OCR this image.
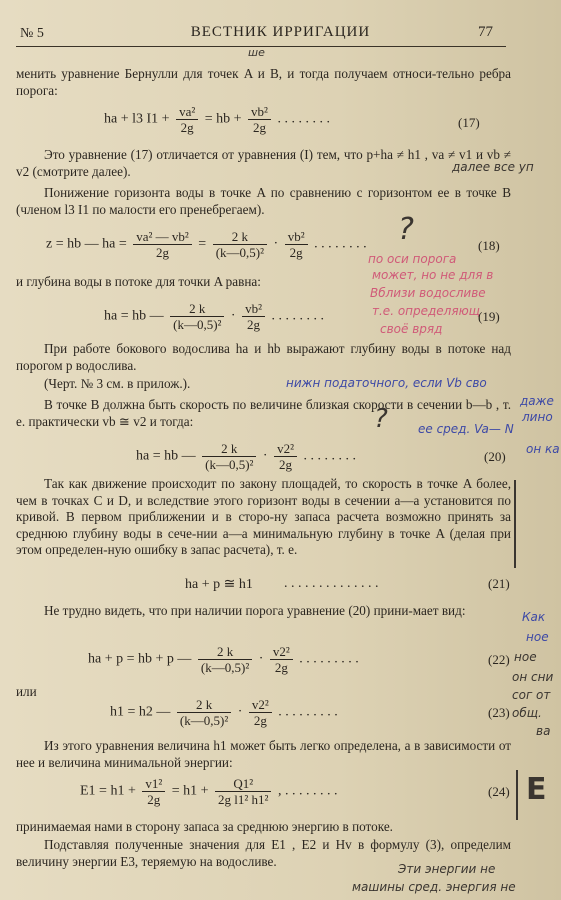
№ 5	ВЕСТНИК ИРРИГАЦИИ	77
ше
менить уравнение Бернулли для точек A и B, и тогда получаем относи-тельно ребра порога:
ha + l3 $I1 + \frac{\text{va²}}{2g}$ = hb + $\frac{\text{vb²}}{2g}$ . . . . . . . .	(17)
Это уравнение (17) отличается от уравнения (I) тем, что p+ha ≠ h1 , va ≠ v1 и vb ≠ v2 (смотрите далее).	далее все уп
Понижение горизонта воды в точке A по сравнению с горизонтом ее в точке B (членом l3 I1 по малости его пренебрегаем).
z = hb — ha = $\frac{\text{va² — vb²}}{2g} = \frac{2 k}{\text{(k—0,5)²}} \cdot \frac{\text{vb²}}{2g}$ . . . . . . . .	(18)
?
по оси порога
может, но не для в
Вблизи водосливе
т.е. определяющ
своё вряд
и глубина воды в потоке для точки A равна:
ha = hb — $\frac{2 k}{\text{(k—0,5)²}} \cdot \frac{\text{vb²}}{2g}$ . . . . . . . .	(19)
При работе бокового водослива ha и hb выражают глубину воды в потоке над порогом p водослива.
(Черт. № 3 см. в прилож.).	нижн податочного, если Vb сво
даже
лино
В точке B должна быть скорость по величине близкая скорости в сечении b—b , т. е. практически vb ≅ v2 и тогда:	?	ее сред. Va— N
он ка
ha = hb — $\frac{2 k}{\text{(k—0,5)²}} \cdot \frac{\text{v2²}}{2g}$ . . . . . . . .	(20)
Так как движение происходит по закону площадей, то скорость в точке A более, чем в точках C и D, и вследствие этого горизонт воды в сечении a—a установится по кривой. В первом приближении и в сторо-ну запаса расчета возможно принять за среднюю глубину воды в сече-нии a—a минимальную глубину в точке A (делая при этом определен-ную ошибку в запас расчета), т. е.
ha + p ≅ h1 . . . . . . . . . . . . . .	(21)
Не трудно видеть, что при наличии порога уравнение (20) прини-мает вид:	Как
ное
ное
он сни
сог от
общ.
ва
ha + p = hb + p — $\frac{2 k}{\text{(k—0,5)²}} \cdot \frac{\text{v2²}}{2g}$ . . . . . . . . .	(22)
или
h1 = h2 — $\frac{2 k}{\text{(k—0,5)²}} \cdot \frac{\text{v2²}}{2g}$ . . . . . . . . .	(23)
Из этого уравнения величина h1 может быть легко определена, а в зависимости от нее и величина минимальной энергии:
$E1 = h1 + \frac{\text{v1²}}{2g} = h1 + \frac{\text{Q1²}}{\text{2g l1² h1²}}$ , . . . . . . . .	(24) E
принимаемая нами в сторону запаса за среднюю энергию в потоке.
Подставляя полученные значения для E1 , E2 и Hv в формулу (3), определим величину энергии E3, теряемую на водосливе.
Эти энергии не
машины сред. энергия не
